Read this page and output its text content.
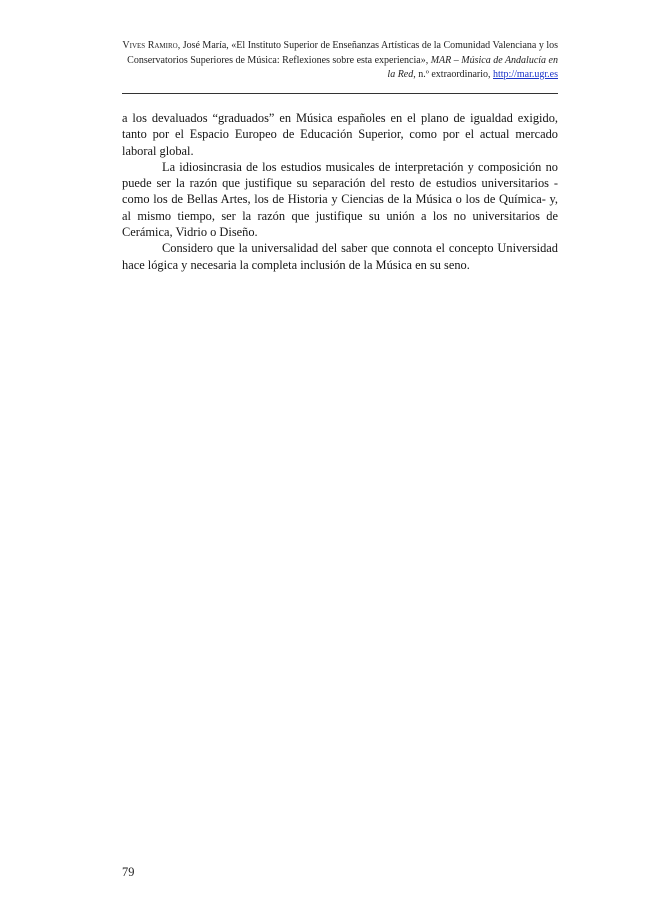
Vives Ramiro, José María, «El Instituto Superior de Enseñanzas Artísticas de la Comunidad Valenciana y los Conservatorios Superiores de Música: Reflexiones sobre esta experiencia», MAR – Música de Andalucía en la Red, n.º extraordinario, http://mar.ugr.es

a los devaluados “graduados” en Música españoles en el plano de igualdad exigido, tanto por el Espacio Europeo de Educación Superior, como por el actual mercado laboral global.

La idiosincrasia de los estudios musicales de interpretación y composición no puede ser la razón que justifique su separación del resto de estudios universitarios -como los de Bellas Artes, los de Historia y Ciencias de la Música o los de Química- y, al mismo tiempo, ser la razón que justifique su unión a los no universitarios de Cerámica, Vidrio o Diseño.

Considero que la universalidad del saber que connota el concepto Universidad hace lógica y necesaria la completa inclusión de la Música en su seno.

79
